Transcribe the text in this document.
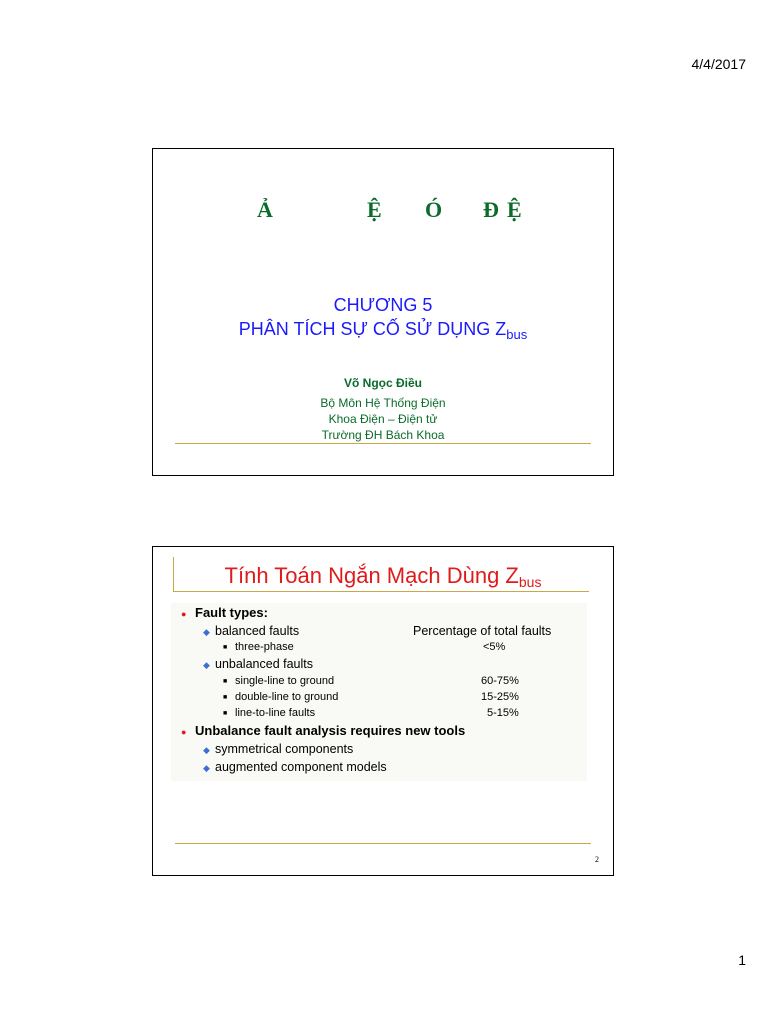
4/4/2017
Ả	Ệ Ó Đ Ệ
CHƯƠNG 5
PHÂN TÍCH SỰ CỐ SỬ DỤNG $Z_{bus}$
Võ Ngọc Điều
Bộ Môn Hệ Thống Điện
Khoa Điện – Điện tử
Trường ĐH Bách Khoa
Tính Toán Ngắn Mạch Dùng $Z_{bus}$
● Fault types:
◆ balanced faults	Percentage of total faults
■ three-phase	<5%
◆ unbalanced faults
■ single-line to ground	60-75%
■ double-line to ground	15-25%
■ line-to-line faults	5-15%
● Unbalance fault analysis requires new tools
◆ symmetrical components
◆ augmented component models
2
1
